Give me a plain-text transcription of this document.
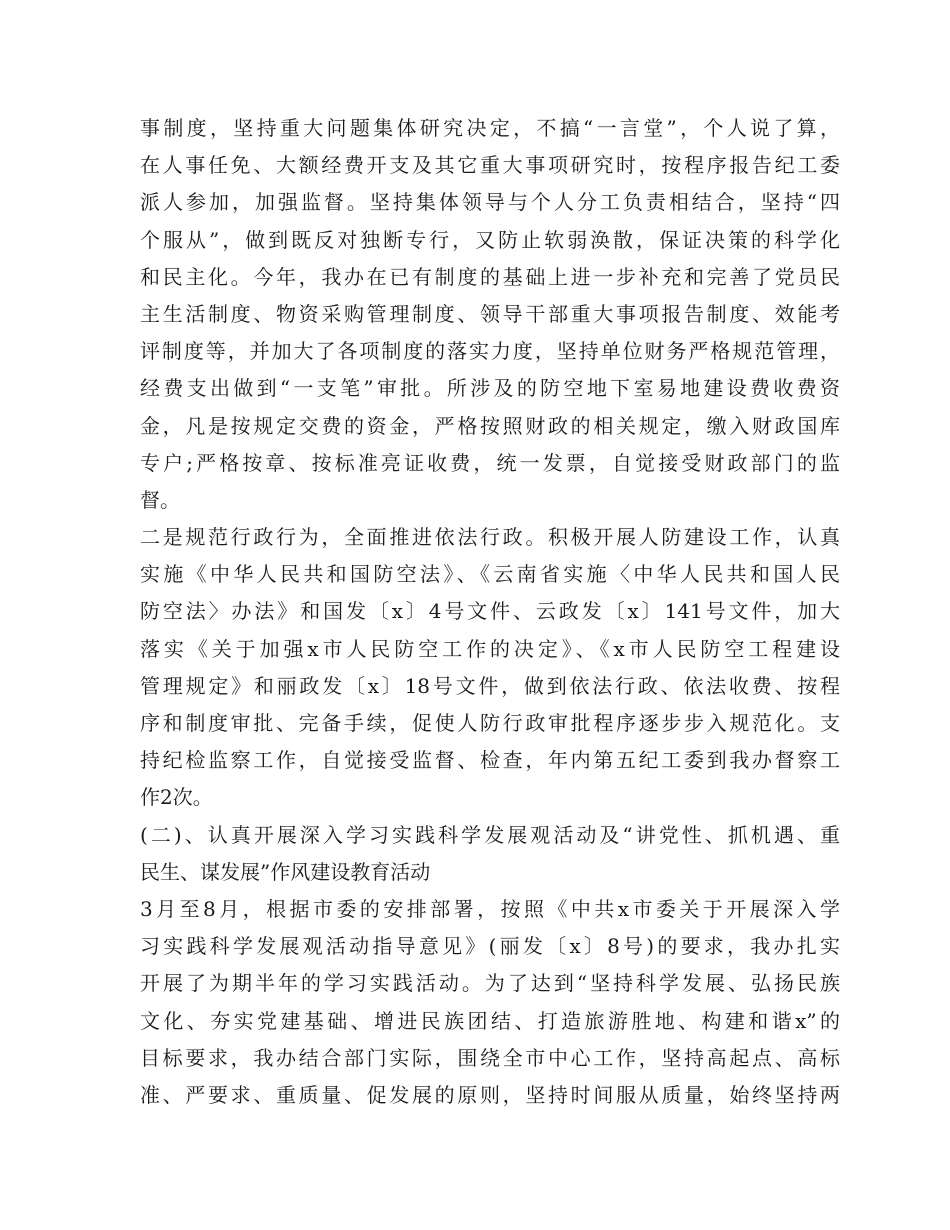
事制度，坚持重大问题集体研究决定，不搞“一言堂”，个人说了算，
在人事任免、大额经费开支及其它重大事项研究时，按程序报告纪工委
派人参加，加强监督。坚持集体领导与个人分工负责相结合，坚持“四
个服从”，做到既反对独断专行，又防止软弱涣散，保证决策的科学化
和民主化。今年，我办在已有制度的基础上进一步补充和完善了党员民
主生活制度、物资采购管理制度、领导干部重大事项报告制度、效能考
评制度等，并加大了各项制度的落实力度，坚持单位财务严格规范管理，
经费支出做到“一支笔”审批。所涉及的防空地下室易地建设费收费资
金，凡是按规定交费的资金，严格按照财政的相关规定，缴入财政国库
专户;严格按章、按标准亮证收费，统一发票，自觉接受财政部门的监
督。
二是规范行政行为，全面推进依法行政。积极开展人防建设工作，认真
实施《中华人民共和国防空法》、《云南省实施〈中华人民共和国人民
防空法〉办法》和国发〔x〕4号文件、云政发〔x〕141号文件，加大
落实《关于加强x市人民防空工作的决定》、《x市人民防空工程建设
管理规定》和丽政发〔x〕18号文件，做到依法行政、依法收费、按程
序和制度审批、完备手续，促使人防行政审批程序逐步步入规范化。支
持纪检监察工作，自觉接受监督、检查，年内第五纪工委到我办督察工
作2次。
(二)、认真开展深入学习实践科学发展观活动及“讲党性、抓机遇、重
民生、谋发展”作风建设教育活动
3月至8月，根据市委的安排部署，按照《中共x市委关于开展深入学
习实践科学发展观活动指导意见》(丽发〔x〕8号)的要求，我办扎实
开展了为期半年的学习实践活动。为了达到“坚持科学发展、弘扬民族
文化、夯实党建基础、增进民族团结、打造旅游胜地、构建和谐x”的
目标要求，我办结合部门实际，围绕全市中心工作，坚持高起点、高标
准、严要求、重质量、促发展的原则，坚持时间服从质量，始终坚持两
